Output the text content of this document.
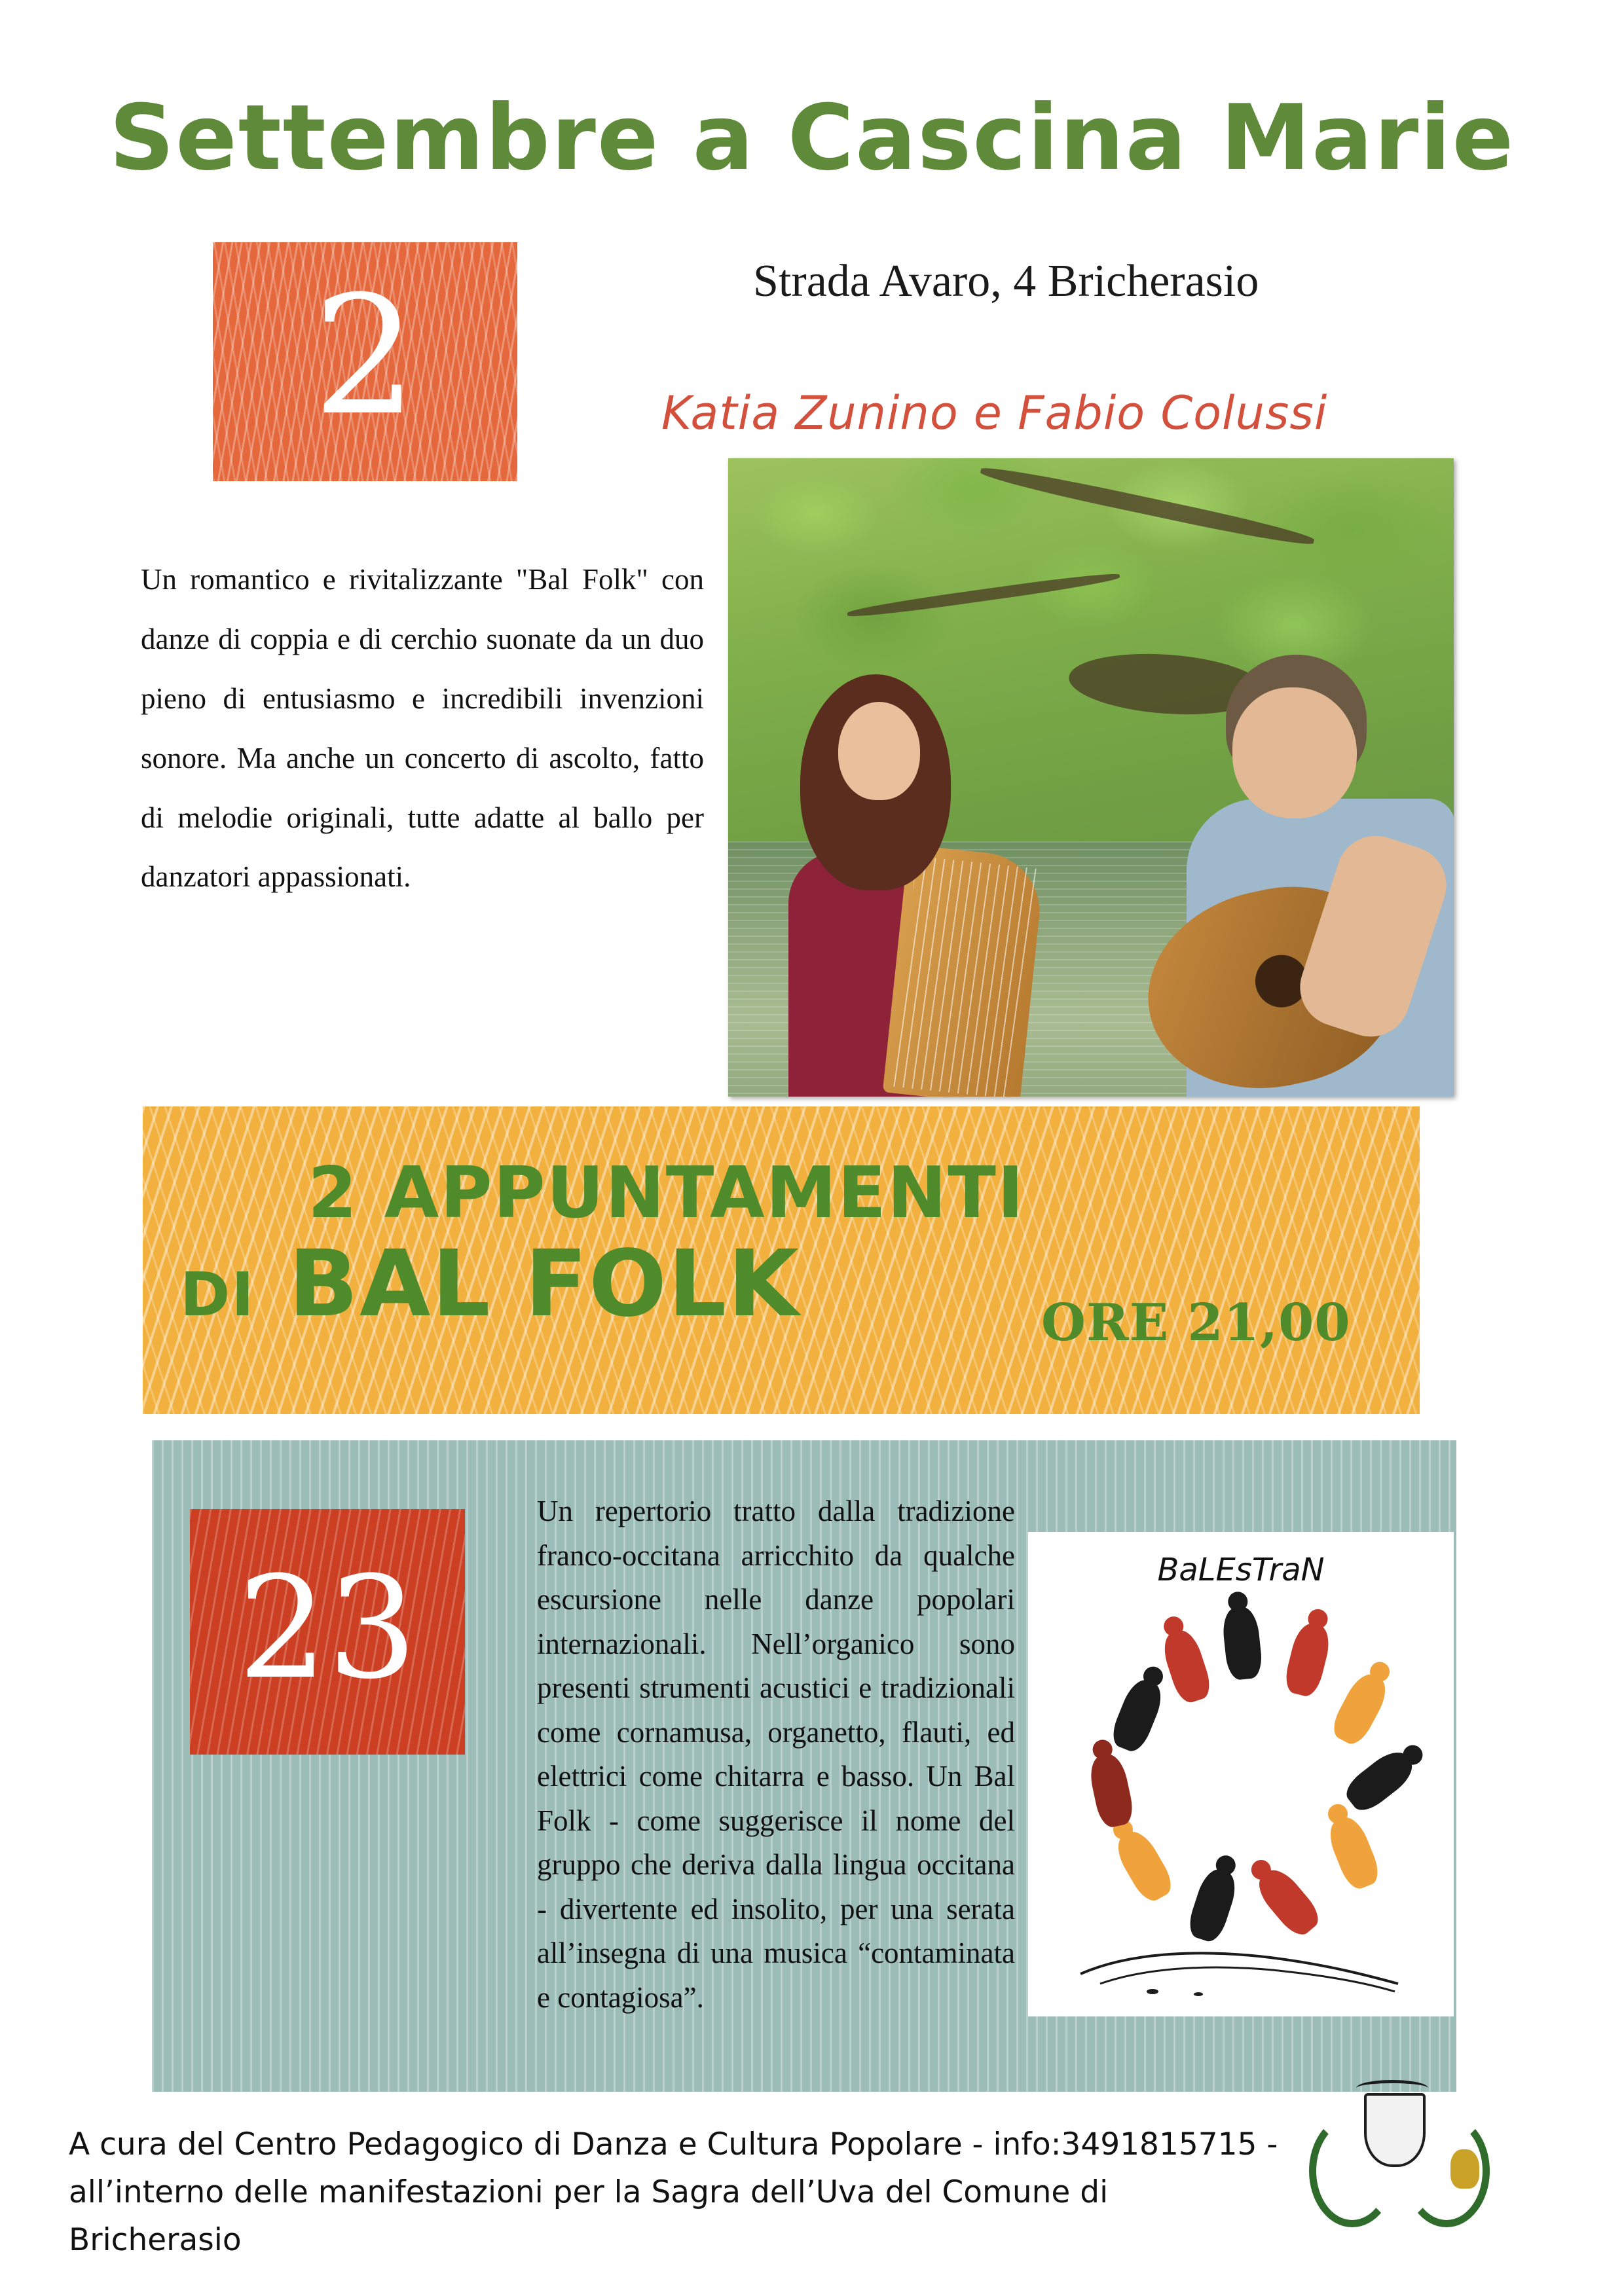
Settembre a Cascina Marie
2	Strada Avaro, 4 Bricherasio
Katia Zunino e Fabio Colussi
Un romantico e rivitalizzante "Bal Folk" con danze di coppia e di cerchio suonate da un duo pieno di entusiasmo e incredibili invenzioni sonore. Ma anche un concerto di ascolto, fatto di melodie originali, tutte adatte al ballo per danzatori appassionati.
2 APPUNTAMENTI
DI BAL FOLK	ORE 21,00
23
Un repertorio tratto dalla tradizione franco-occitana arricchito da qualche escursione nelle danze popolari internazionali. Nell’organico sono presenti strumenti acustici e tradizionali come cornamusa, organetto, flauti, ed elettrici come chitarra e basso. Un Bal Folk - come suggerisce il nome del gruppo che deriva dalla lingua occitana - divertente ed insolito, per una serata all’insegna di una musica “contaminata e contagiosa”.
BaLEsTraN
A cura del Centro Pedagogico di Danza e Cultura Popolare - info:3491815715 -
all’interno delle manifestazioni per la Sagra dell’Uva del Comune di Bricherasio
